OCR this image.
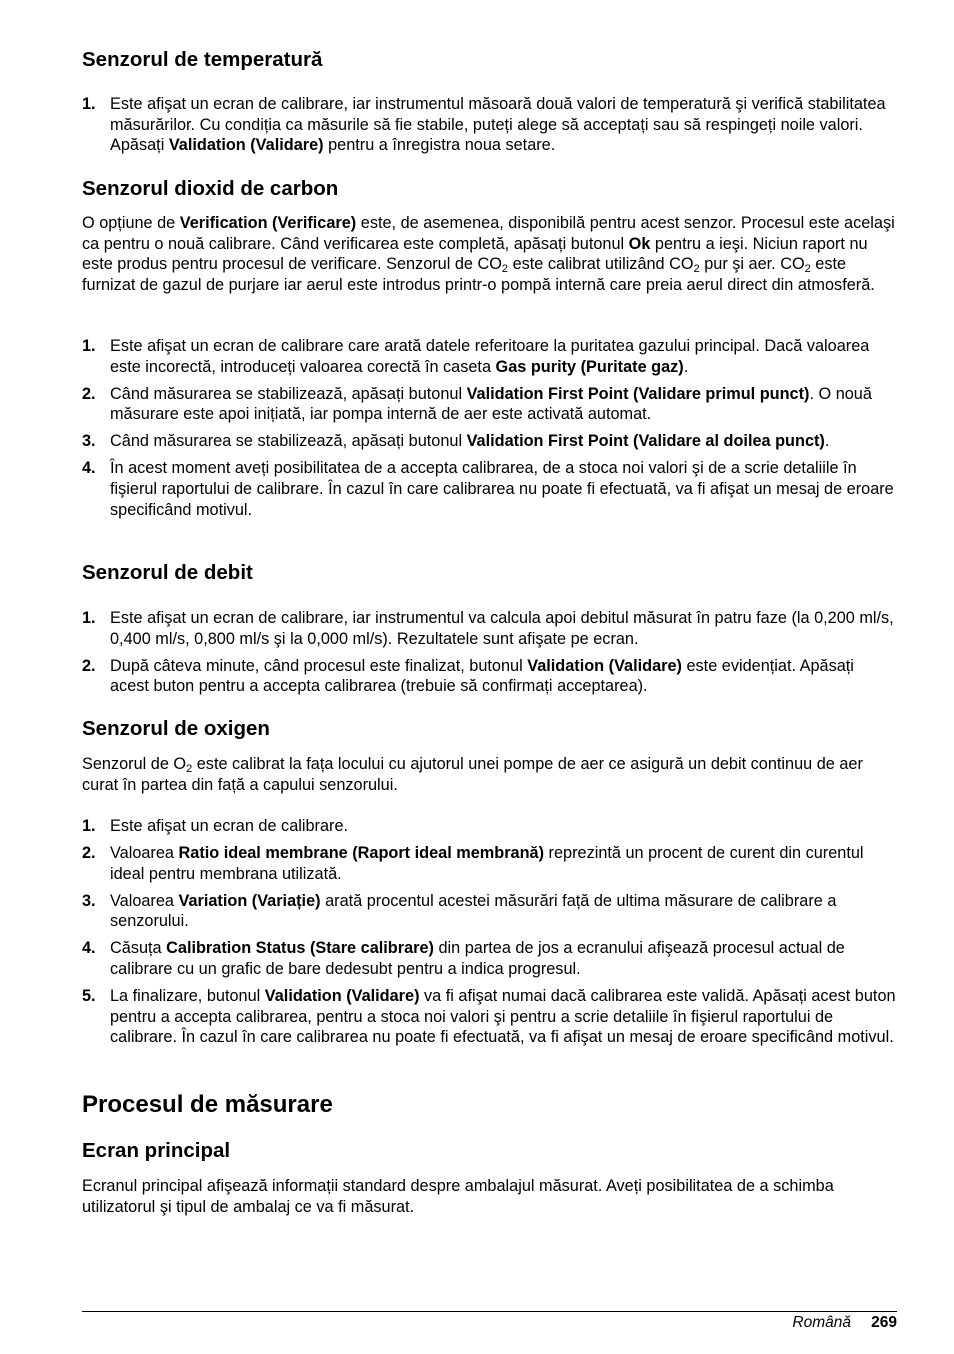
Senzorul de temperatură
1. Este afişat un ecran de calibrare, iar instrumentul măsoară două valori de temperatură şi verifică stabilitatea măsurărilor. Cu condiția ca măsurile să fie stabile, puteți alege să acceptați sau să respingeți noile valori. Apăsați Validation (Validare) pentru a înregistra noua setare.
Senzorul dioxid de carbon

O opțiune de Verification (Verificare) este, de asemenea, disponibilă pentru acest senzor. Procesul este acelaşi ca pentru o nouă calibrare. Când verificarea este completă, apăsați butonul Ok pentru a ieşi. Niciun raport nu este produs pentru procesul de verificare. Senzorul de $CO_2$ este calibrat utilizând $CO_2$ pur şi aer. $CO_2$ este furnizat de gazul de purjare iar aerul este introdus printr-o pompă internă care preia aerul direct din atmosferă.

1. Este afişat un ecran de calibrare care arată datele referitoare la puritatea gazului principal. Dacă valoarea este incorectă, introduceți valoarea corectă în caseta Gas purity (Puritate gaz).
2. Când măsurarea se stabilizează, apăsați butonul Validation First Point (Validare primul punct). O nouă măsurare este apoi inițiată, iar pompa internă de aer este activată automat.
3. Când măsurarea se stabilizează, apăsați butonul Validation First Point (Validare al doilea punct).
4. În acest moment aveți posibilitatea de a accepta calibrarea, de a stoca noi valori şi de a scrie detaliile în fişierul raportului de calibrare. În cazul în care calibrarea nu poate fi efectuată, va fi afişat un mesaj de eroare specificând motivul.
Senzorul de debit
1. Este afişat un ecran de calibrare, iar instrumentul va calcula apoi debitul măsurat în patru faze (la 0,200 ml/s, 0,400 ml/s, 0,800 ml/s şi la 0,000 ml/s). Rezultatele sunt afişate pe ecran.
2. După câteva minute, când procesul este finalizat, butonul Validation (Validare) este evidențiat. Apăsați acest buton pentru a accepta calibrarea (trebuie să confirmați acceptarea).
Senzorul de oxigen

Senzorul de $O_2$ este calibrat la fața locului cu ajutorul unei pompe de aer ce asigură un debit continuu de aer curat în partea din față a capului senzorului.

1. Este afişat un ecran de calibrare.
2. Valoarea Ratio ideal membrane (Raport ideal membrană) reprezintă un procent de curent din curentul ideal pentru membrana utilizată.
3. Valoarea Variation (Variație) arată procentul acestei măsurări față de ultima măsurare de calibrare a senzorului.
4. Căsuța Calibration Status (Stare calibrare) din partea de jos a ecranului afişează procesul actual de calibrare cu un grafic de bare dedesubt pentru a indica progresul.
5. La finalizare, butonul Validation (Validare) va fi afişat numai dacă calibrarea este validă. Apăsați acest buton pentru a accepta calibrarea, pentru a stoca noi valori şi pentru a scrie detaliile în fişierul raportului de calibrare. În cazul în care calibrarea nu poate fi efectuată, va fi afişat un mesaj de eroare specificând motivul.
Procesul de măsurare
Ecran principal

Ecranul principal afişează informații standard despre ambalajul măsurat. Aveți posibilitatea de a schimba utilizatorul şi tipul de ambalaj ce va fi măsurat.

Română 269
